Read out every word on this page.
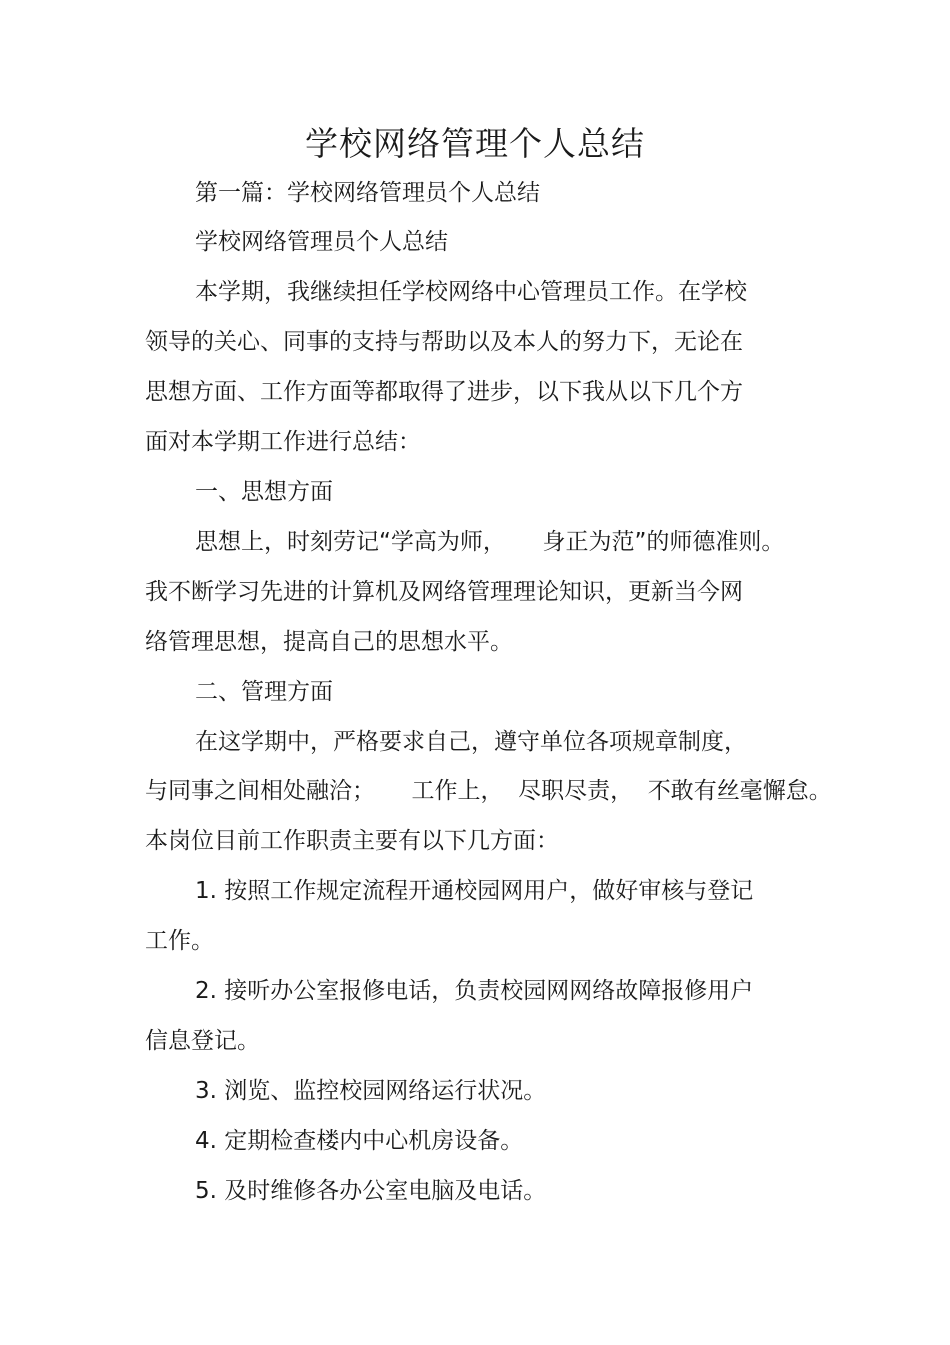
学校网络管理个人总结
第一篇：学校网络管理员个人总结
学校网络管理员个人总结
本学期，我继续担任学校网络中心管理员工作。在学校
领导的关心、同事的支持与帮助以及本人的努力下，无论在
思想方面、工作方面等都取得了进步，以下我从以下几个方
面对本学期工作进行总结：
一、思想方面
思想上，时刻劳记“学高为师，     身正为范”的师德准则。
我不断学习先进的计算机及网络管理理论知识，更新当今网
络管理思想，提高自己的思想水平。
二、管理方面
在这学期中，严格要求自己，遵守单位各项规章制度，
与同事之间相处融洽；     工作上，  尽职尽责，  不敢有丝毫懈怠。
本岗位目前工作职责主要有以下几方面：
1. 按照工作规定流程开通校园网用户，做好审核与登记
工作。
2. 接听办公室报修电话，负责校园网网络故障报修用户
信息登记。
3. 浏览、监控校园网络运行状况。
4. 定期检查楼内中心机房设备。
5. 及时维修各办公室电脑及电话。
